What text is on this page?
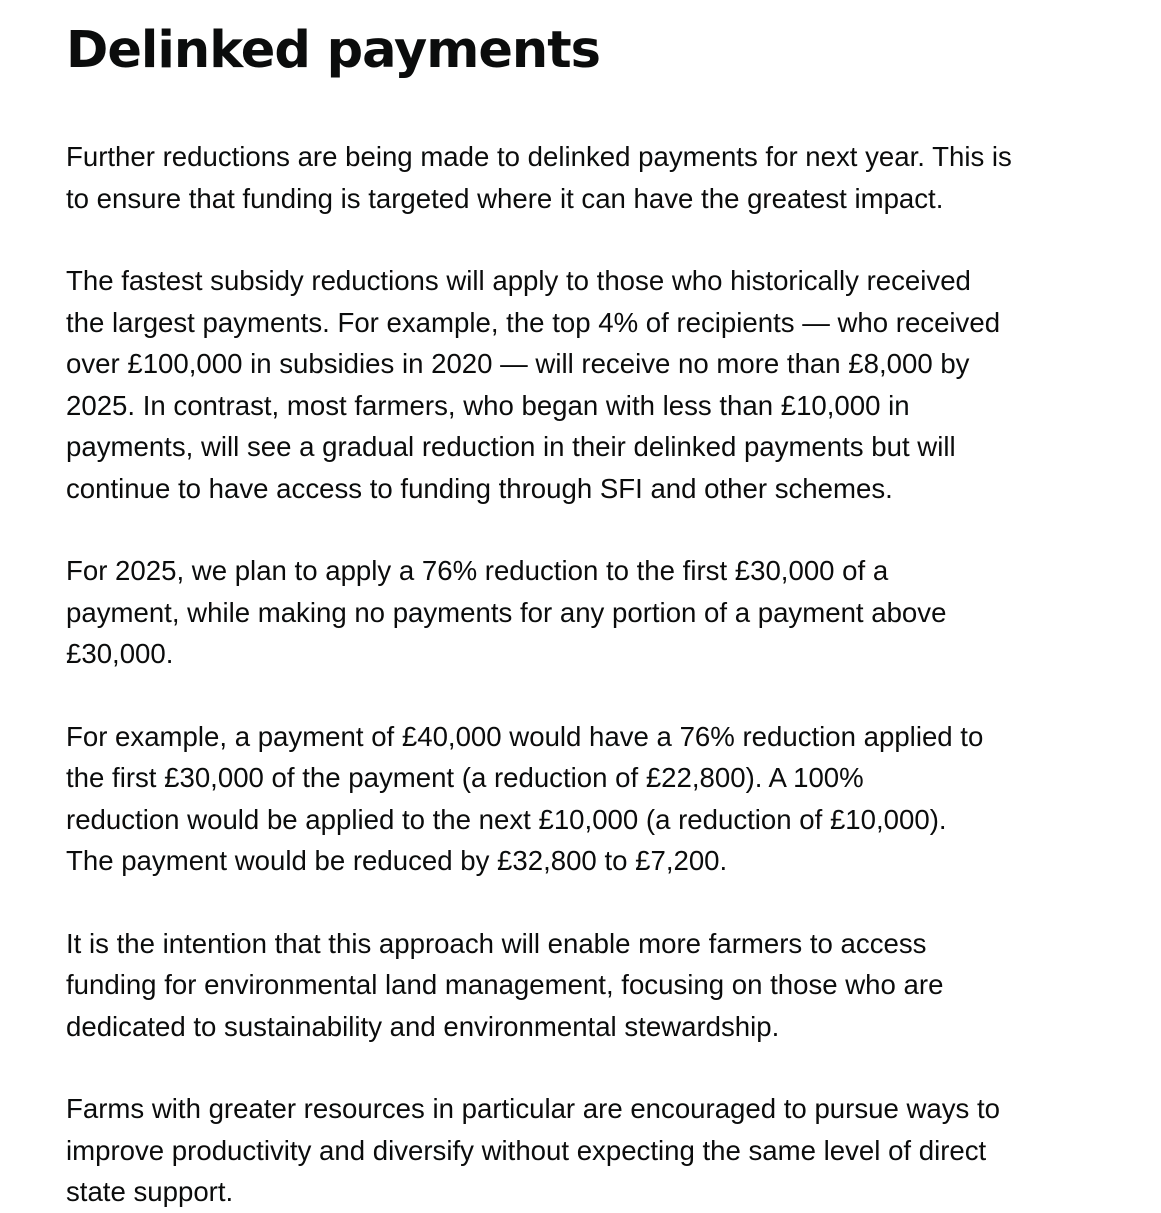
Delinked payments

Further reductions are being made to delinked payments for next year. This is
to ensure that funding is targeted where it can have the greatest impact.

The fastest subsidy reductions will apply to those who historically received
the largest payments. For example, the top 4% of recipients — who received
over £100,000 in subsidies in 2020 — will receive no more than £8,000 by
2025. In contrast, most farmers, who began with less than £10,000 in
payments, will see a gradual reduction in their delinked payments but will
continue to have access to funding through SFI and other schemes.

For 2025, we plan to apply a 76% reduction to the first £30,000 of a
payment, while making no payments for any portion of a payment above
£30,000.

For example, a payment of £40,000 would have a 76% reduction applied to
the first £30,000 of the payment (a reduction of £22,800). A 100%
reduction would be applied to the next £10,000 (a reduction of £10,000).
The payment would be reduced by £32,800 to £7,200.

It is the intention that this approach will enable more farmers to access
funding for environmental land management, focusing on those who are
dedicated to sustainability and environmental stewardship.

Farms with greater resources in particular are encouraged to pursue ways to
improve productivity and diversify without expecting the same level of direct
state support.
